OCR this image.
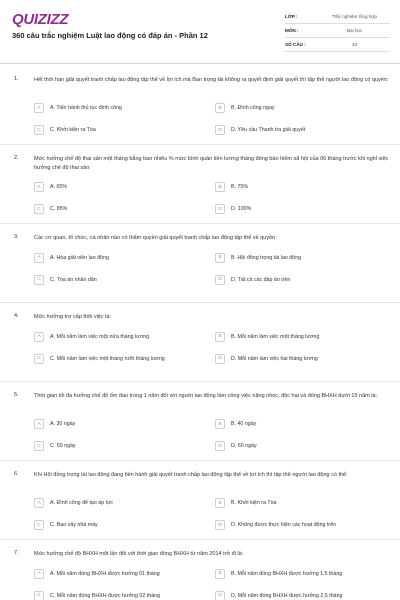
QUIZIZZ
360 câu trắc nghiệm Luật lao động có đáp án - Phần 12
LỚP :	Trắc nghiệm tổng hợp
MÔN :	Đại học
SỐ CÂU :	23
1.	Hết thời hạn giải quyết tranh chấp lao động tập thể về lợi ích mà Ban trọng tài không ra quyết định giải quyết thì tập thể người lao động có quyền:
A	A. Tiến hành thủ tục đình công	B	B. Đình công ngay
C	C. Khởi kiện ra Tòa	D	D. Yêu cầu Thanh tra giải quyết
2.	Mức hưởng chế độ thai sản một tháng bằng bao nhiêu % mức bình quân tiền lương tháng đóng bảo hiểm xã hội của 06 tháng trước khi nghỉ việc hưởng chế độ thai sản:
A	A. 65%	B	B. 75%
C	C. 85%	D	D. 100%
3.	Các cơ quan, tổ chức, cá nhân nào có thẩm quyền giải quyết tranh chấp lao động tập thể về quyền:
A	A. Hòa giải viên lao động	B	B. Hội đồng trọng tài lao động
C	C. Tòa án nhân dân	D	D. Tất cả các đáp án trên
4.	Mức hưởng trợ cấp thôi việc là:
A	A. Mỗi năm làm việc một nửa tháng lương	B	B. Mỗi năm làm việc một tháng lương
C	C. Mỗi năm làm việc một tháng rưỡi tháng lương	D	D. Mỗi năm làm việc hai tháng lương
5.	Thời gian tối đa hưởng chế độ ốm đau trong 1 năm đối với người lao động làm công việc nặng nhọc, độc hại và đóng BHXH dưới 15 năm là:
A	A. 30 ngày	B	B. 40 ngày
C	C. 50 ngày	D	D. 60 ngày
6.	Khi Hội đồng trọng tài lao động đang tiến hành giải quyết tranh chấp lao động tập thể về lợi ích thì tập thể người lao động có thể:
A	A. Đình công để tạo áp lực	B	B. Khởi kiện ra Tòa
C	C. Bao vây nhà máy	D	D. Không được thực hiện các hoạt động trên
7.	Mức hưởng chế độ BHXH một lần đối với thời gian đóng BHXH từ năm 2014 trở đi là:
A	A. Mỗi năm đóng BHXH được hưởng 01 tháng	B	B. Mỗi năm đóng BHXH được hưởng 1,5 tháng
C	C. Mỗi năm đóng BHXH được hưởng 02 tháng	D	D. Mỗi năm đóng BHXH được hưởng 2,5 tháng
